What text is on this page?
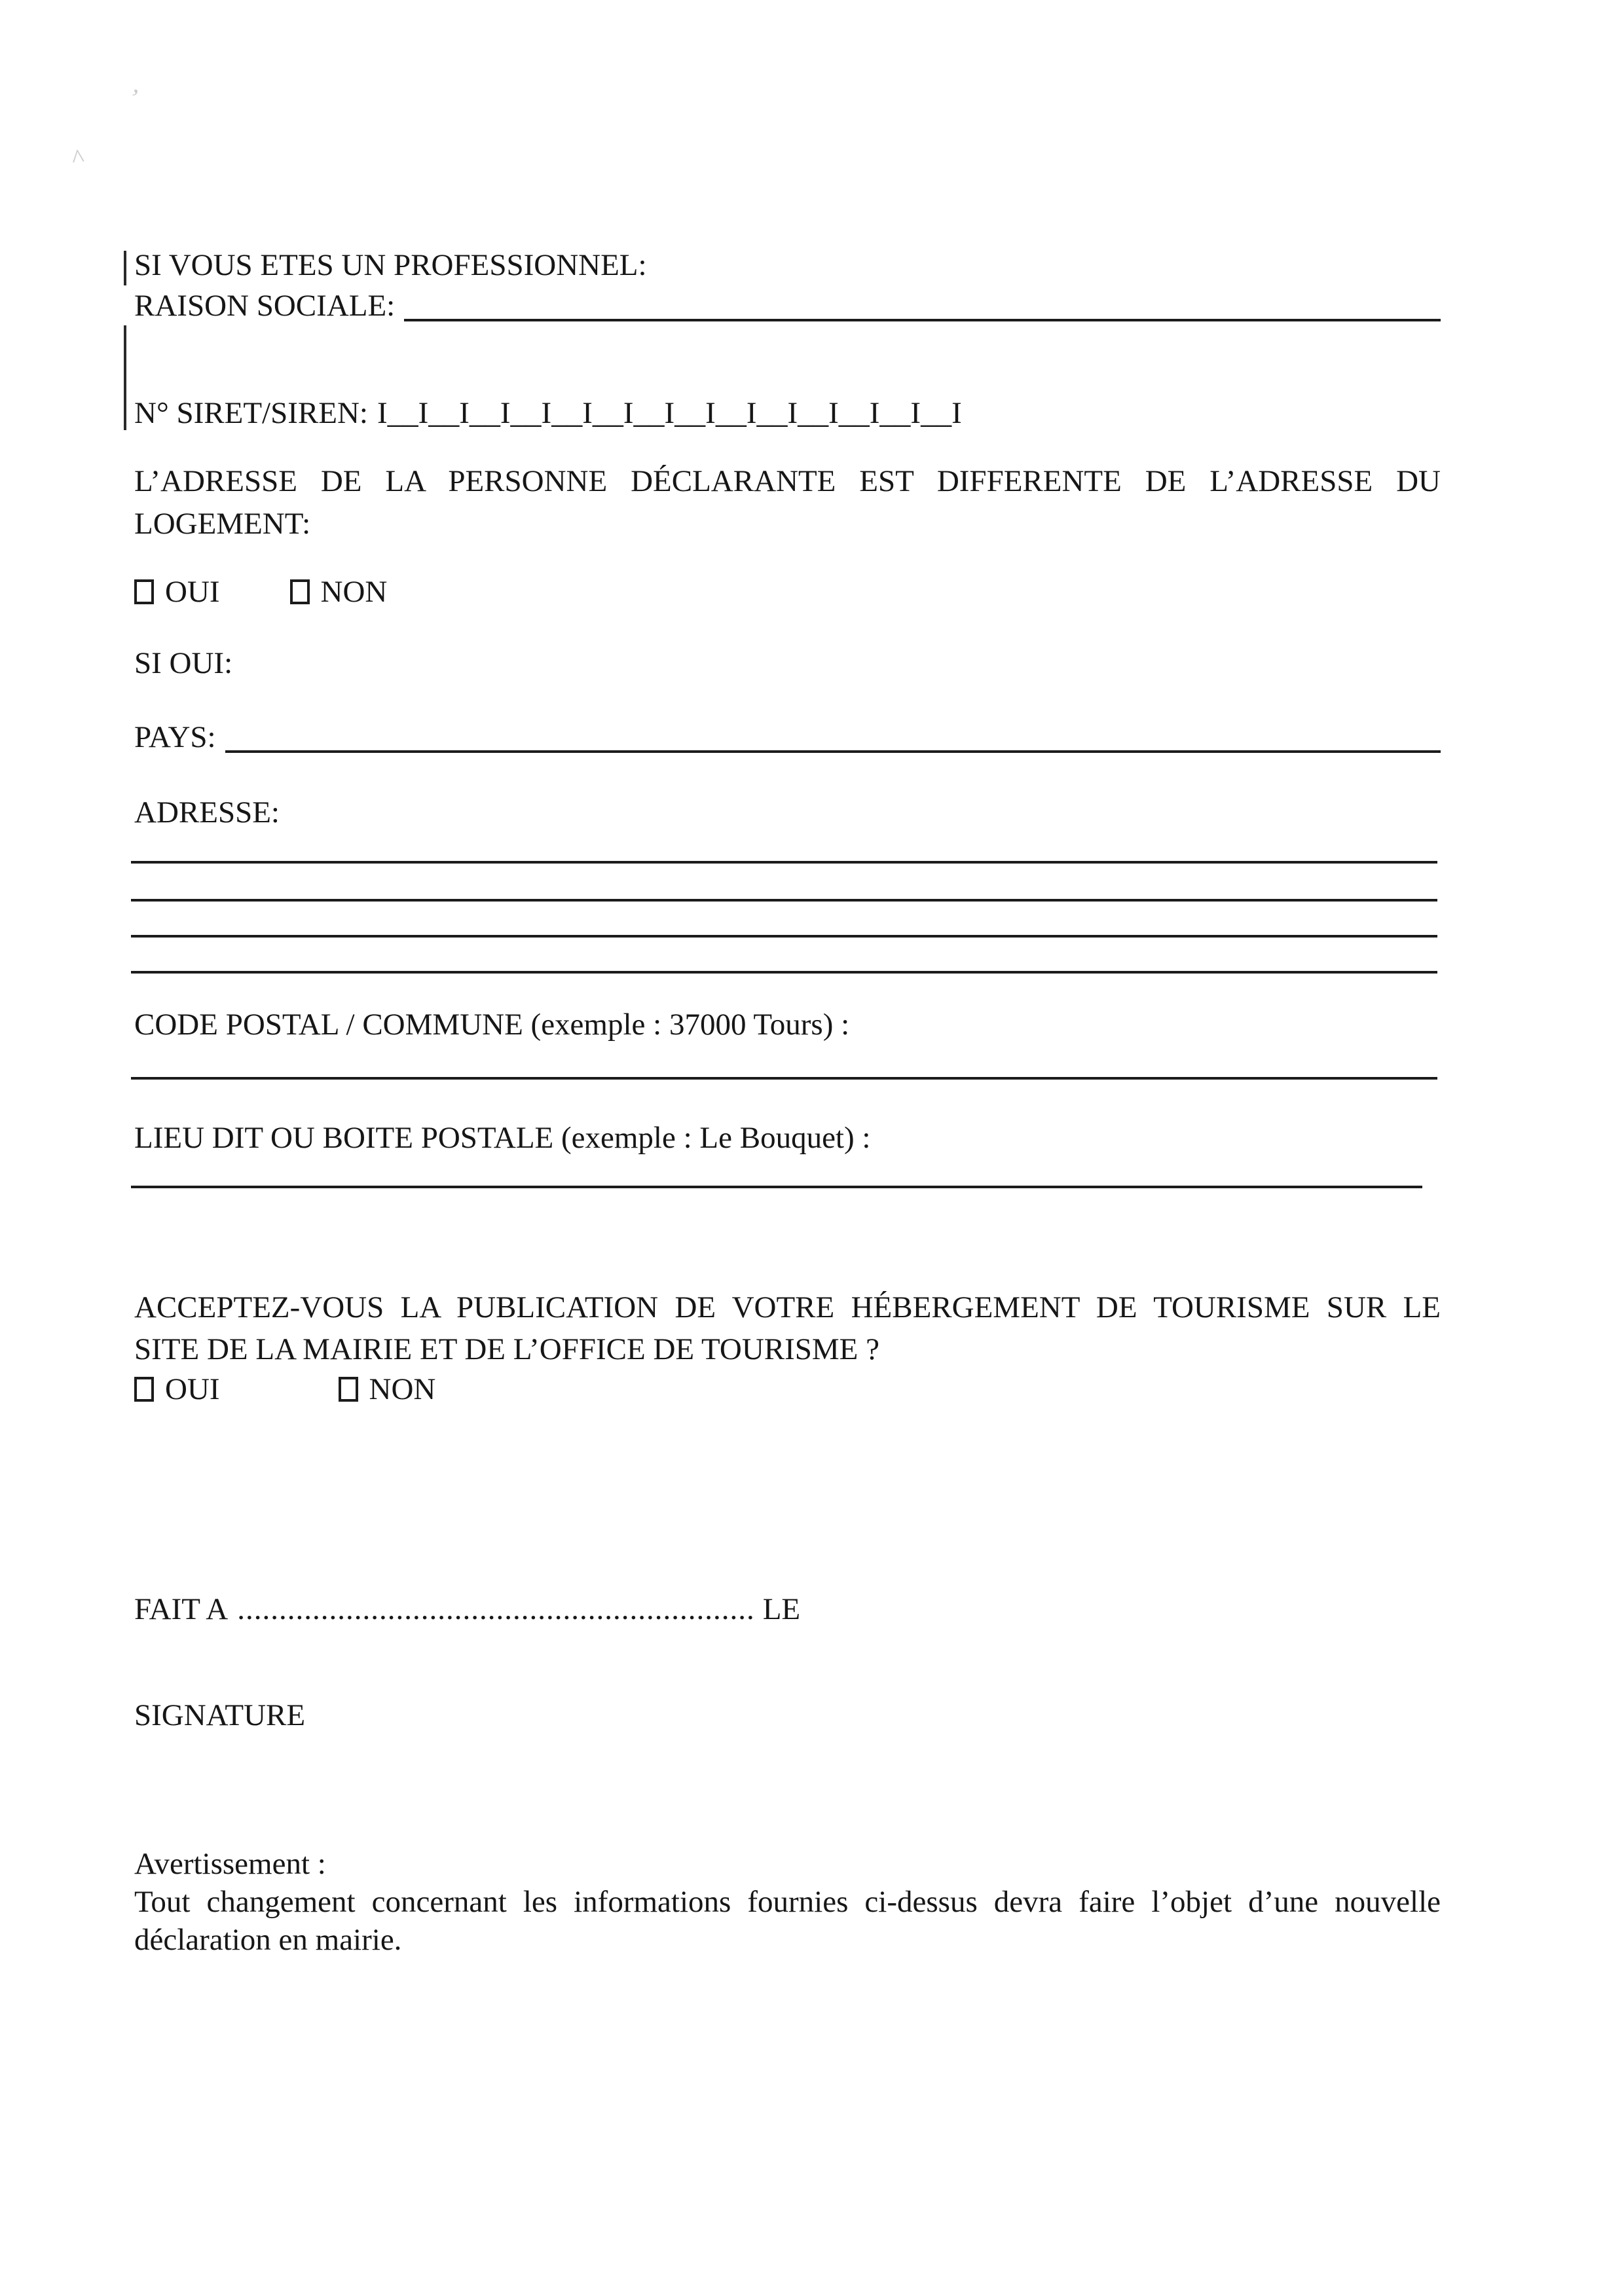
ʼ
^
SI VOUS ETES UN PROFESSIONNEL:
RAISON SOCIALE:
N° SIRET/SIREN: I__I__I__I__I__I__I__I__I__I__I__I__I__I__I
L’ADRESSE DE LA PERSONNE DÉCLARANTE EST DIFFERENTE DE L’ADRESSE DU
LOGEMENT:
OUI	NON
SI OUI:
PAYS:
ADRESSE:
CODE POSTAL / COMMUNE (exemple : 37000 Tours) :
LIEU DIT OU BOITE POSTALE (exemple : Le Bouquet) :
ACCEPTEZ-VOUS LA PUBLICATION DE VOTRE HÉBERGEMENT DE TOURISME SUR LE
SITE DE LA MAIRIE ET DE L’OFFICE DE TOURISME ?
OUI	NON
FAIT A .............................................................. LE
SIGNATURE
Avertissement :
Tout changement concernant les informations fournies ci-dessus devra faire l’objet d’une nouvelle
déclaration en mairie.
